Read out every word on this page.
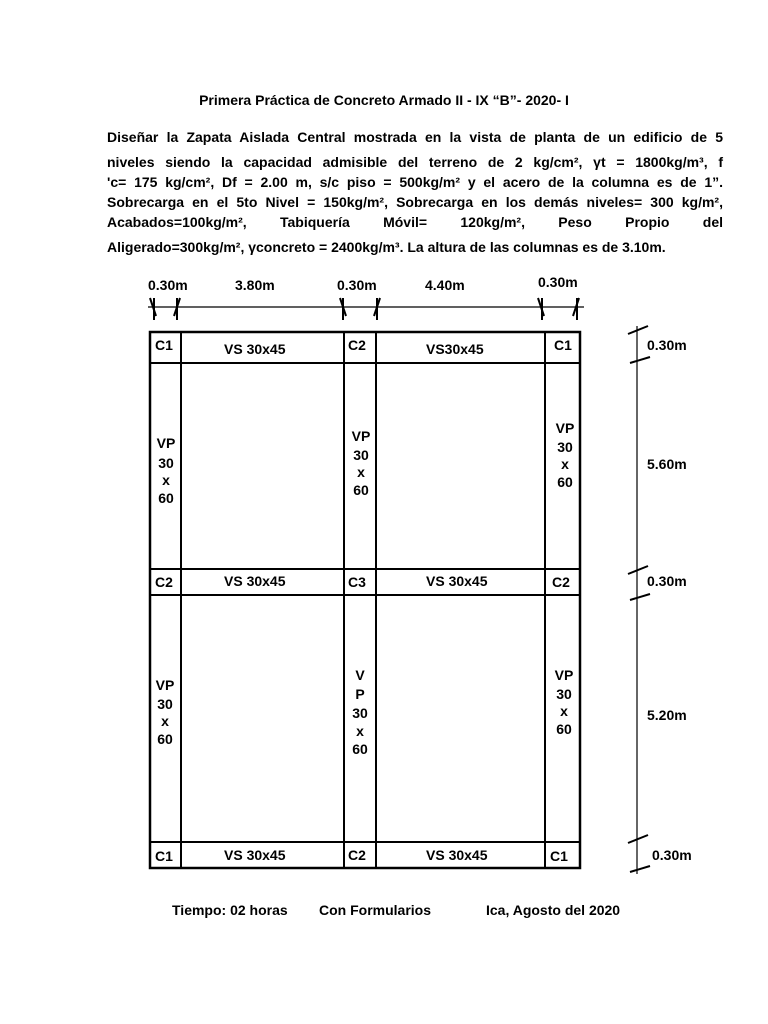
Primera Práctica de Concreto Armado II - IX “B”- 2020- I
Diseñar la Zapata Aislada Central mostrada en la vista de planta de un edificio de 5
niveles siendo la capacidad admisible del terreno de 2 kg/cm², γt = 1800kg/m³, f
'c= 175 kg/cm², Df = 2.00 m, s/c piso = 500kg/m² y el acero de la columna es de 1”.
Sobrecarga en el 5to Nivel = 150kg/m², Sobrecarga en los demás niveles= 300 kg/m²,
Acabados=100kg/m², Tabiquería Móvil= 120kg/m², Peso Propio del
Aligerado=300kg/m², γconcreto = 2400kg/m³. La altura de las columnas es de 3.10m.
0.30m	3.80m	0.30m	4.40m	0.30m
0.30m
5.60m
0.30m
5.20m
0.30m
C1	C2	C1
C2	C3	C2
C1	C2	C1
VS 30x45	VS30x45
VS 30x45	VS 30x45
VS 30x45	VS 30x45
VP
30
x
60
VP
30
x
60
VP
30
x
60
VP
30
x
60
V
P
30
x
60
VP
30
x
60
Tiempo: 02 horas Con Formularios	Ica, Agosto del 2020
